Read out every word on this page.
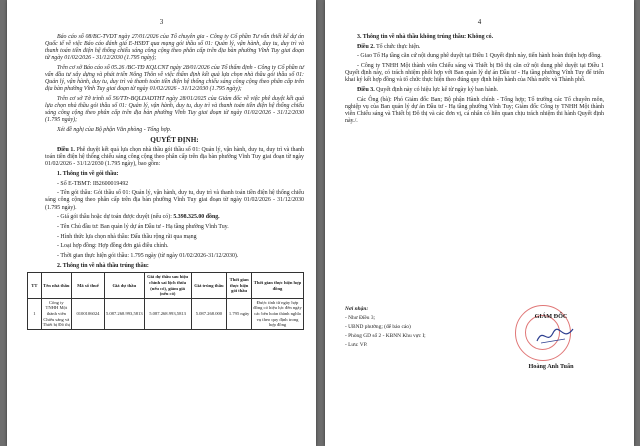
3

Báo cáo số 08/BC-TVDT ngày 27/01/2026 của Tổ chuyên gia - Công ty Cổ phần Tư vấn thiết kế dự án Quốc tế về việc Báo cáo đánh giá E-HSĐT qua mạng gói thầu số 01: Quản lý, vận hành, duy tu, duy trì và thanh toán tiền điện hệ thống chiếu sáng công cộng theo phân cấp trên địa bàn phường Vĩnh Tuy giai đoạn từ ngày 01/02/2026 - 31/12/2030 (1.795 ngày);

Trên cơ sở Báo cáo số 05.26 /BC-TĐ KQLCNT ngày 28/01/2026 của Tổ thẩm định - Công ty Cổ phần tư vấn đầu tư xây dựng và phát triển Nông Thôn về việc thẩm định kết quả lựa chọn nhà thầu gói thầu số 01: Quản lý, vận hành, duy tu, duy trì và thanh toán tiền điện hệ thống chiếu sáng công cộng theo phân cấp trên địa bàn phường Vĩnh Tuy giai đoạn từ ngày 01/02/2026 - 31/12/2030 (1.795 ngày);

Trên cơ sở Tờ trình số 56/TTr-BQLDADTHT ngày 28/01/2025 của Giám đốc về việc phê duyệt kết quả lựa chọn nhà thầu gói thầu số 01: Quản lý, vận hành, duy tu, duy trì và thanh toán tiền điện hệ thống chiếu sáng công cộng theo phân cấp trên địa bàn phường Vĩnh Tuy giai đoạn từ ngày 01/02/2026 - 31/12/2030 (1.795 ngày);

Xét đề nghị của Bộ phận Văn phòng - Tổng hợp.

QUYẾT ĐỊNH:

Điều 1. Phê duyệt kết quả lựa chọn nhà thầu gói thầu số 01: Quản lý, vận hành, duy tu, duy trì và thanh toán tiền điện hệ thống chiếu sáng công cộng theo phân cấp trên địa bàn phường Vĩnh Tuy giai đoạn từ ngày 01/02/2026 - 31/12/2030 (1.795 ngày), bao gồm:

1. Thông tin về gói thầu:

- Số E-TBMT: IB2600019492

- Tên gói thầu: Gói thầu số 01: Quản lý, vận hành, duy tu, duy trì và thanh toán tiền điện hệ thống chiếu sáng công cộng theo phân cấp trên địa bàn phường Vĩnh Tuy giai đoạn từ ngày 01/02/2026 - 31/12/2030 (1.795 ngày).

- Giá gói thầu hoặc dự toán được duyệt (nếu có): 5.398.325.00 đồng.

- Tên Chủ đầu tư: Ban quản lý dự án Đầu tư - Hạ tầng phường Vĩnh Tuy.

- Hình thức lựa chọn nhà thầu: Đấu thầu rộng rãi qua mạng

- Loại hợp đồng: Hợp đồng đơn giá điều chỉnh.

- Thời gian thực hiện gói thầu: 1.795 ngày (từ ngày 01/02/2026-31/12/2030).

2. Thông tin về nhà thầu trúng thầu:

TT	Tên nhà thầu	Mã số thuế	Giá dự thầu	Giá dự thầu sau hiệu chỉnh sai lệch thừa (nếu có), giảm giá (nếu có)	Giá trúng thầu	Thời gian thực hiện gói thầu	Thời gian thực hiện hợp đồng
1	Công ty TNHH Một thành viên Chiếu sáng và Thiết bị Đô thị	0100106024	5.087.268.993,5813	5.087.268.993,5813	5.087.268.000	1.795 ngày	Được tính từ ngày hợp đồng có hiệu lực đến ngày các bên hoàn thành nghĩa vụ theo quy định trong hợp đồng
4

3. Thông tin về nhà thầu không trúng thầu: Không có.

Điều 2. Tổ chức thực hiện.

- Giao Tổ Hạ tầng căn cứ nội dung phê duyệt tại Điều 1 Quyết định này, tiến hành hoàn thiện hợp đồng.

- Công ty TNHH Một thành viên Chiếu sáng và Thiết bị Đô thị căn cứ nội dung phê duyệt tại Điều 1 Quyết định này, có trách nhiệm phối hợp với Ban quản lý dự án Đầu tư - Hạ tầng phường Vĩnh Tuy để triển khai ký kết hợp đồng và tổ chức thực hiện theo đúng quy định hiện hành của Nhà nước và Thành phố.

Điều 3. Quyết định này có hiệu lực kể từ ngày ký ban hành.

Các Ông (bà): Phó Giám đốc Ban; Bộ phận Hành chính - Tổng hợp; Tổ trưởng các Tổ chuyên môn, nghiệp vụ của Ban quản lý dự án Đầu tư - Hạ tầng phường Vĩnh Tuy; Giám đốc Công ty TNHH Một thành viên Chiếu sáng và Thiết bị Đô thị và các đơn vị, cá nhân có liên quan chịu trách nhiệm thi hành Quyết định này./.

Nơi nhận:

- Như Điều 3;

- UBND phường; (để báo cáo)

- Phòng GD số 2 - KBNN Khu vực I;

- Lưu: VP.

GIÁM ĐỐC
Hoàng Anh Tuấn
